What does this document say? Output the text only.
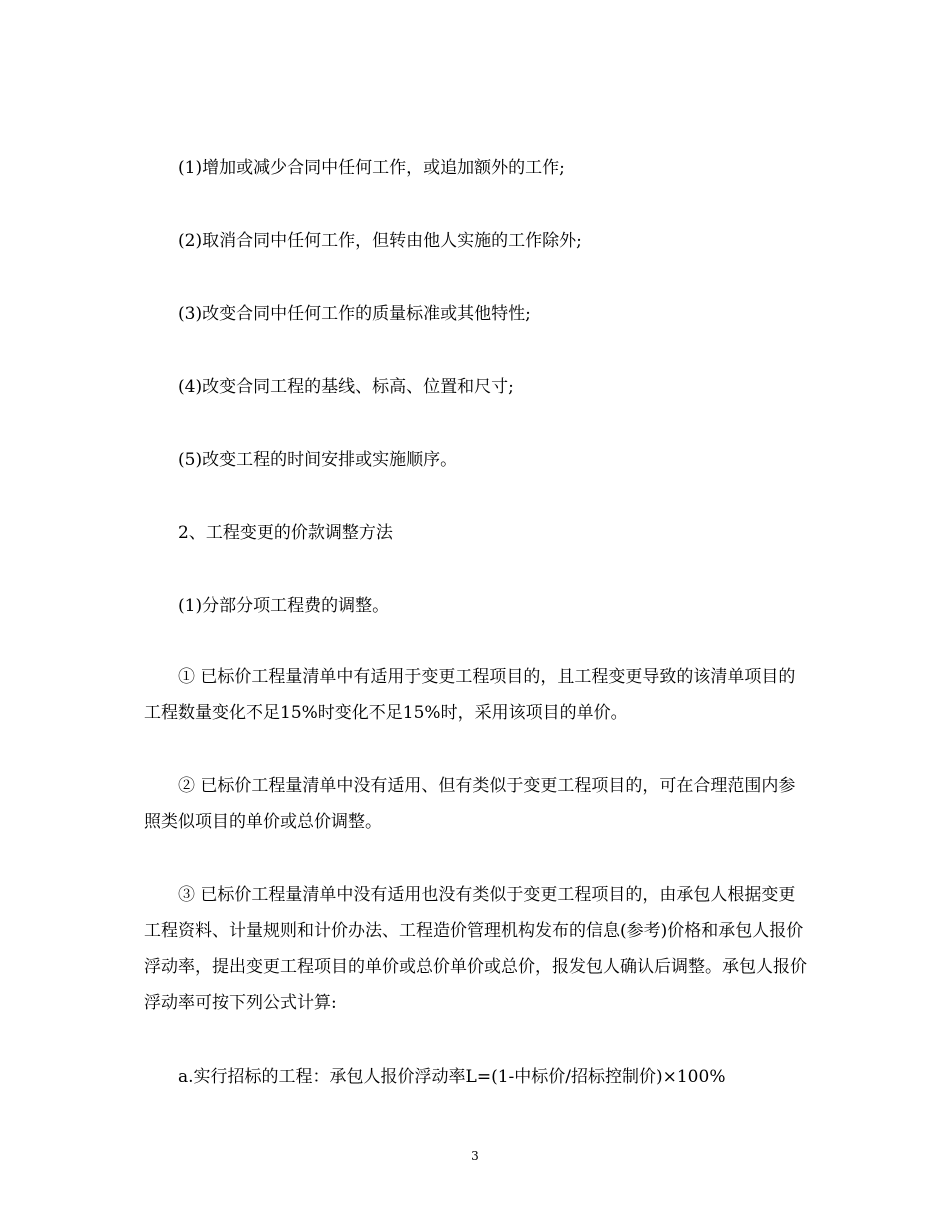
(1)增加或减少合同中任何工作，或追加额外的工作;

(2)取消合同中任何工作，但转由他人实施的工作除外;

(3)改变合同中任何工作的质量标准或其他特性;

(4)改变合同工程的基线、标高、位置和尺寸;

(5)改变工程的时间安排或实施顺序。

2、工程变更的价款调整方法

(1)分部分项工程费的调整。

① 已标价工程量清单中有适用于变更工程项目的，且工程变更导致的该清单项目的工程数量变化不足15%时变化不足15%时，采用该项目的单价。

② 已标价工程量清单中没有适用、但有类似于变更工程项目的，可在合理范围内参照类似项目的单价或总价调整。

③ 已标价工程量清单中没有适用也没有类似于变更工程项目的，由承包人根据变更工程资料、计量规则和计价办法、工程造价管理机构发布的信息(参考)价格和承包人报价浮动率，提出变更工程项目的单价或总价单价或总价，报发包人确认后调整。承包人报价浮动率可按下列公式计算:

a.实行招标的工程：承包人报价浮动率L=(1-中标价/招标控制价)×100%

3
